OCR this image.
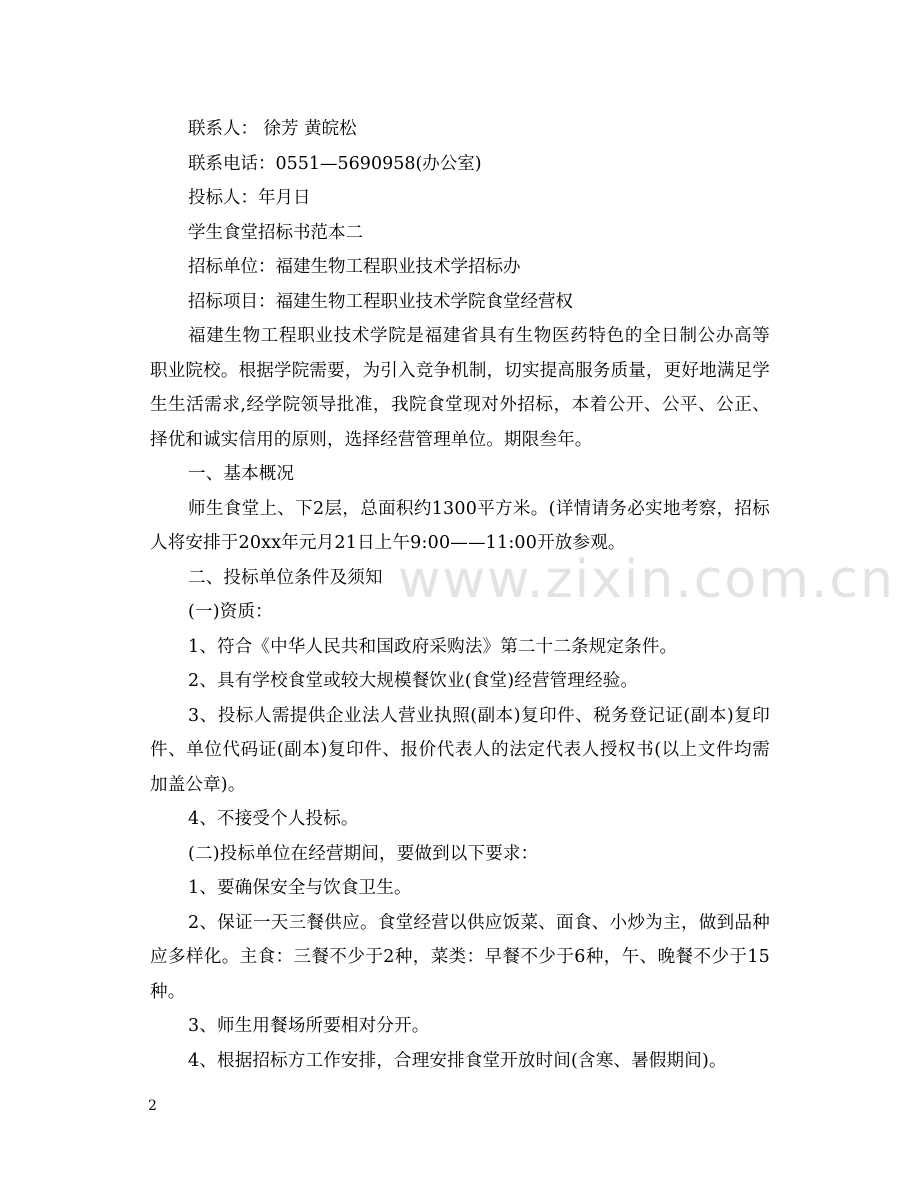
联系人： 徐芳 黄皖松

联系电话：0551—5690958(办公室)

投标人：年月日

学生食堂招标书范本二

招标单位：福建生物工程职业技术学招标办

招标项目：福建生物工程职业技术学院食堂经营权

福建生物工程职业技术学院是福建省具有生物医药特色的全日制公办高等职业院校。根据学院需要，为引入竞争机制，切实提高服务质量，更好地满足学生生活需求,经学院领导批准，我院食堂现对外招标，本着公开、公平、公正、择优和诚实信用的原则，选择经营管理单位。期限叁年。

一、基本概况

师生食堂上、下2层，总面积约1300平方米。(详情请务必实地考察，招标人将安排于20xx年元月21日上午9:00——11:00开放参观。

二、投标单位条件及须知

(一)资质：

1、符合《中华人民共和国政府采购法》第二十二条规定条件。

2、具有学校食堂或较大规模餐饮业(食堂)经营管理经验。

3、投标人需提供企业法人营业执照(副本)复印件、税务登记证(副本)复印件、单位代码证(副本)复印件、报价代表人的法定代表人授权书(以上文件均需加盖公章)。

4、不接受个人投标。

(二)投标单位在经营期间，要做到以下要求：

1、要确保安全与饮食卫生。

2、保证一天三餐供应。食堂经营以供应饭菜、面食、小炒为主，做到品种应多样化。主食：三餐不少于2种，菜类：早餐不少于6种，午、晚餐不少于15种。

3、师生用餐场所要相对分开。

4、根据招标方工作安排，合理安排食堂开放时间(含寒、暑假期间)。

www.zixin.com.cn
2
